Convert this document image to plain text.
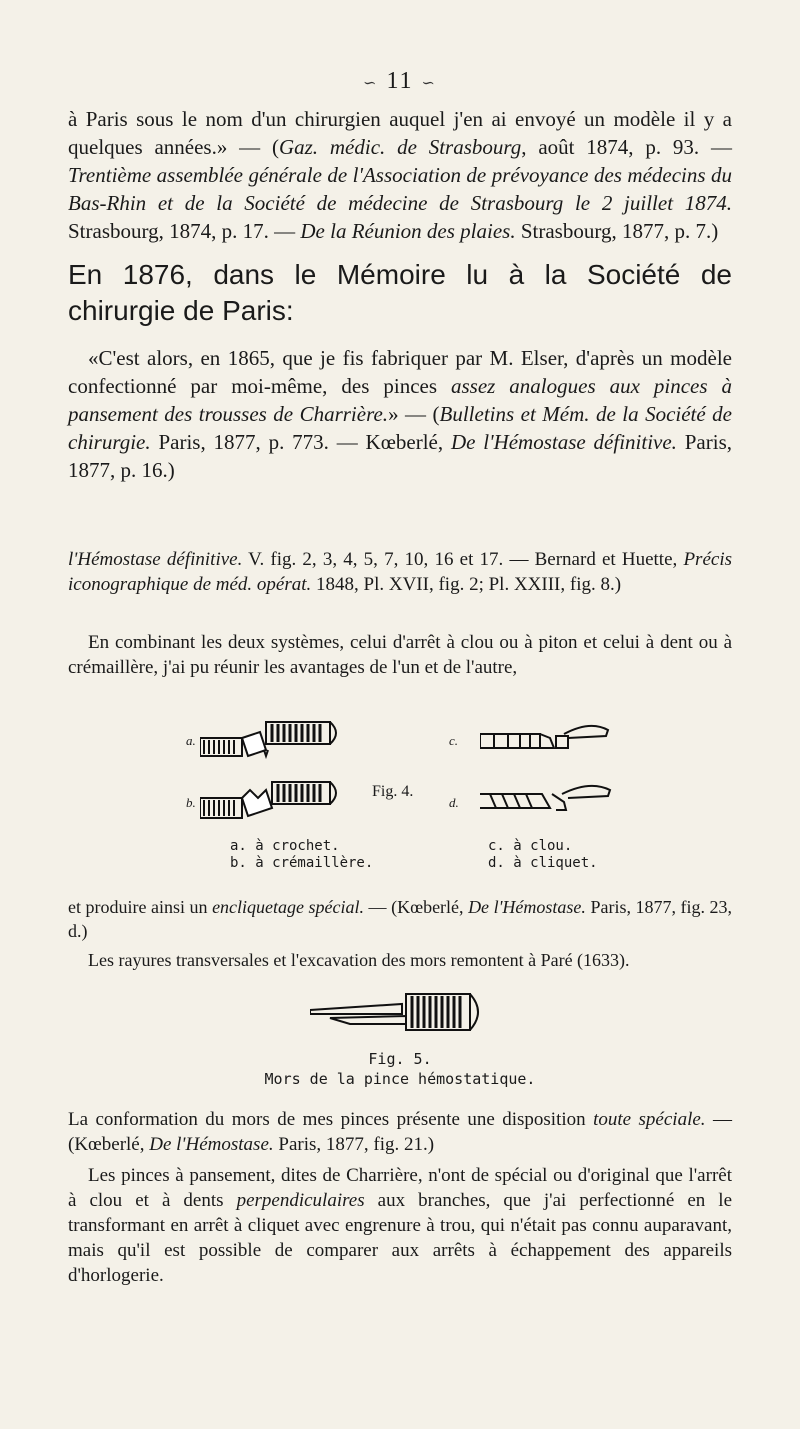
∽ 11 ∽
à Paris sous le nom d'un chirurgien auquel j'en ai envoyé un modèle il y a quelques années.» — (Gaz. médic. de Strasbourg, août 1874, p. 93. — Trentième assemblée générale de l'Association de prévoyance des médecins du Bas-Rhin et de la Société de médecine de Strasbourg le 2 juillet 1874. Strasbourg, 1874, p. 17. — De la Réunion des plaies. Strasbourg, 1877, p. 7.)
En 1876, dans le Mémoire lu à la Société de chirurgie de Paris:
«C'est alors, en 1865, que je fis fabriquer par M. Elser, d'après un modèle confectionné par moi-même, des pinces assez analogues aux pinces à pansement des trousses de Charrière.» — (Bulletins et Mém. de la Société de chirurgie. Paris, 1877, p. 773. — Kœberlé, De l'Hémostase définitive. Paris, 1877, p. 16.)
l'Hémostase définitive. V. fig. 2, 3, 4, 5, 7, 10, 16 et 17. — Bernard et Huette, Précis iconographique de méd. opérat. 1848, Pl. XVII, fig. 2; Pl. XXIII, fig. 8.)
En combinant les deux systèmes, celui d'arrêt à clou ou à piton et celui à dent ou à crémaillère, j'ai pu réunir les avantages de l'un et de l'autre,
a.
b.
c.
d.
Fig. 4.
a. à crochet.
b. à crémaillère.
c. à clou.
d. à cliquet.
et produire ainsi un encliquetage spécial. — (Kœberlé, De l'Hémostase. Paris, 1877, fig. 23, d.)
Les rayures transversales et l'excavation des mors remontent à Paré (1633).
Fig. 5.
Mors de la pince hémostatique.
La conformation du mors de mes pinces présente une disposition toute spéciale. — (Kœberlé, De l'Hémostase. Paris, 1877, fig. 21.)
Les pinces à pansement, dites de Charrière, n'ont de spécial ou d'original que l'arrêt à clou et à dents perpendiculaires aux branches, que j'ai perfectionné en le transformant en arrêt à cliquet avec engrenure à trou, qui n'était pas connu auparavant, mais qu'il est possible de comparer aux arrêts à échappement des appareils d'horlogerie.
